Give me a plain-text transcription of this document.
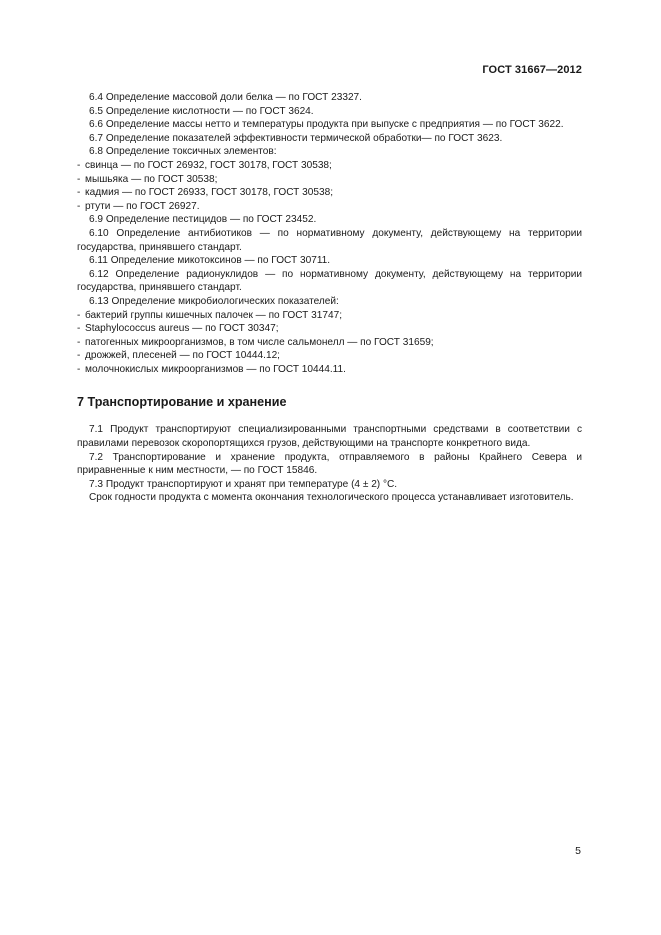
ГОСТ 31667—2012

6.4 Определение массовой доли белка — по ГОСТ 23327.

6.5 Определение кислотности — по ГОСТ 3624.

6.6 Определение массы нетто и температуры продукта при выпуске с предприятия — по ГОСТ 3622.

6.7 Определение показателей эффективности термической обработки— по ГОСТ 3623.

6.8 Определение токсичных элементов:

- свинца — по ГОСТ 26932, ГОСТ 30178, ГОСТ 30538;
- мышьяка — по ГОСТ 30538;
- кадмия — по ГОСТ 26933, ГОСТ 30178, ГОСТ 30538;
- ртути — по ГОСТ 26927.

6.9 Определение пестицидов — по ГОСТ 23452.

6.10 Определение антибиотиков — по нормативному документу, действующему на территории государства, принявшего стандарт.

6.11 Определение микотоксинов — по ГОСТ 30711.

6.12 Определение радионуклидов — по нормативному документу, действующему на территории государства, принявшего стандарт.

6.13 Определение микробиологических показателей:

- бактерий группы кишечных палочек — по ГОСТ 31747;
- Staphylococcus aureus — по ГОСТ 30347;
- патогенных микроорганизмов, в том числе сальмонелл — по ГОСТ 31659;
- дрожжей, плесеней — по ГОСТ 10444.12;
- молочнокислых микроорганизмов — по ГОСТ 10444.11.
7 Транспортирование и хранение

7.1 Продукт транспортируют специализированными транспортными средствами в соответствии с правилами перевозок скоропортящихся грузов, действующими на транспорте конкретного вида.

7.2 Транспортирование и хранение продукта, отправляемого в районы Крайнего Севера и приравненные к ним местности, — по ГОСТ 15846.

7.3 Продукт транспортируют и хранят при температуре (4 ± 2) °С.

Срок годности продукта с момента окончания технологического процесса устанавливает изготовитель.

5
